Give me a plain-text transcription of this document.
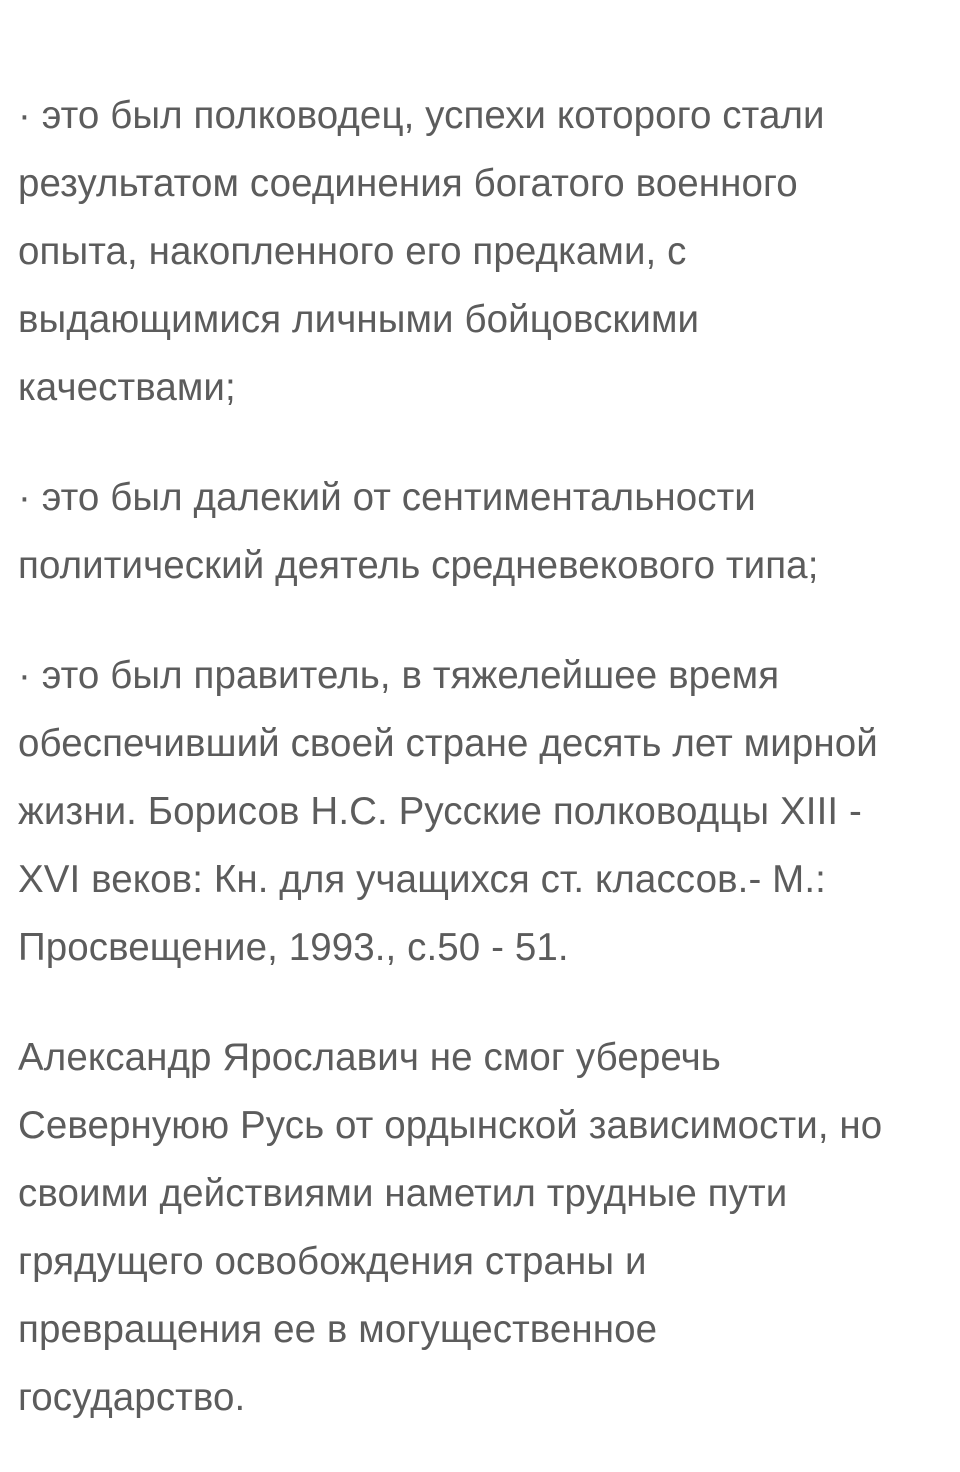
· это был полководец, успехи которого стали
результатом соединения богатого военного
опыта, накопленного его предками, с
выдающимися личными бойцовскими
качествами;

· это был далекий от сентиментальности
политический деятель средневекового типа;

· это был правитель, в тяжелейшее время
обеспечивший своей стране десять лет мирной
жизни. Борисов Н.С. Русские полководцы XIII -
XVI веков: Кн. для учащихся ст. классов.- М.:
Просвещение, 1993., с.50 - 51.

Александр Ярославич не смог уберечь
Севернуюю Русь от ордынской зависимости, но
своими действиями наметил трудные пути
грядущего освобождения страны и
превращения ее в могущественное
государство.
